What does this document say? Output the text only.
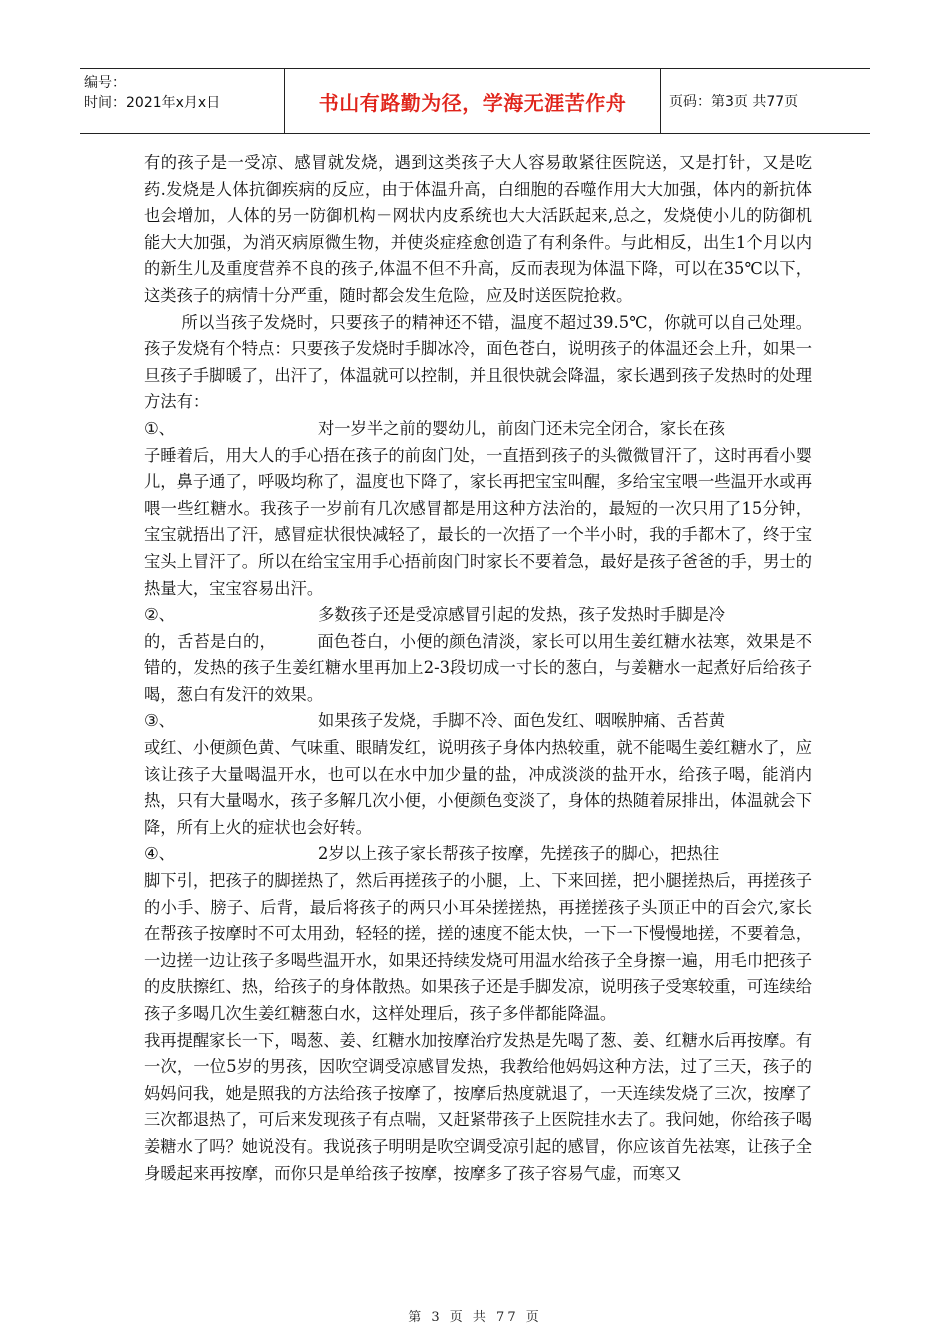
编号：
时间：2021年x月x日	书山有路勤为径，学海无涯苦作舟	页码：第3页 共77页

有的孩子是一受凉、感冒就发烧，遇到这类孩子大人容易敢紧往医院送，又是打针，又是吃药.发烧是人体抗御疾病的反应，由于体温升高，白细胞的吞噬作用大大加强，体内的新抗体也会增加，人体的另一防御机构－网状内皮系统也大大活跃起来,总之，发烧使小儿的防御机能大大加强，为消灭病原微生物，并使炎症痊愈创造了有利条件。与此相反，出生1个月以内的新生儿及重度营养不良的孩子,体温不但不升高，反而表现为体温下降，可以在35℃以下，这类孩子的病情十分严重，随时都会发生危险，应及时送医院抢救。

所以当孩子发烧时，只要孩子的精神还不错，温度不超过39.5℃，你就可以自己处理。孩子发烧有个特点：只要孩子发烧时手脚冰冷，面色苍白，说明孩子的体温还会上升，如果一旦孩子手脚暖了，出汗了，体温就可以控制，并且很快就会降温，家长遇到孩子发热时的处理方法有：

①、	对一岁半之前的婴幼儿，前囱门还未完全闭合，家长在孩

子睡着后，用大人的手心捂在孩子的前囱门处，一直捂到孩子的头微微冒汗了，这时再看小婴儿，鼻子通了，呼吸均称了，温度也下降了，家长再把宝宝叫醒，多给宝宝喂一些温开水或再喂一些红糖水。我孩子一岁前有几次感冒都是用这种方法治的，最短的一次只用了15分钟，宝宝就捂出了汗，感冒症状很快减轻了，最长的一次捂了一个半小时，我的手都木了，终于宝宝头上冒汗了。所以在给宝宝用手心捂前囱门时家长不要着急，最好是孩子爸爸的手，男士的热量大，宝宝容易出汗。

②、	多数孩子还是受凉感冒引起的发热，孩子发热时手脚是冷

的，舌苔是白的，　　　面色苍白，小便的颜色清淡，家长可以用生姜红糖水祛寒，效果是不错的，发热的孩子生姜红糖水里再加上2-3段切成一寸长的葱白，与姜糖水一起煮好后给孩子喝，葱白有发汗的效果。

③、	如果孩子发烧，手脚不冷、面色发红、咽喉肿痛、舌苔黄

或红、小便颜色黄、气味重、眼睛发红，说明孩子身体内热较重，就不能喝生姜红糖水了，应该让孩子大量喝温开水，也可以在水中加少量的盐，冲成淡淡的盐开水，给孩子喝，能消内热，只有大量喝水，孩子多解几次小便，小便颜色变淡了，身体的热随着尿排出，体温就会下降，所有上火的症状也会好转。

④、	2岁以上孩子家长帮孩子按摩，先搓孩子的脚心，把热往

脚下引，把孩子的脚搓热了，然后再搓孩子的小腿，上、下来回搓，把小腿搓热后，再搓孩子的小手、膀子、后背，最后将孩子的两只小耳朵搓搓热，再搓搓孩子头顶正中的百会穴,家长在帮孩子按摩时不可太用劲，轻轻的搓，搓的速度不能太快，一下一下慢慢地搓，不要着急，一边搓一边让孩子多喝些温开水，如果还持续发烧可用温水给孩子全身擦一遍，用毛巾把孩子的皮肤擦红、热，给孩子的身体散热。如果孩子还是手脚发凉，说明孩子受寒较重，可连续给孩子多喝几次生姜红糖葱白水，这样处理后，孩子多伴都能降温。

我再提醒家长一下，喝葱、姜、红糖水加按摩治疗发热是先喝了葱、姜、红糖水后再按摩。有一次，一位5岁的男孩，因吹空调受凉感冒发热，我教给他妈妈这种方法，过了三天，孩子的妈妈问我，她是照我的方法给孩子按摩了，按摩后热度就退了，一天连续发烧了三次，按摩了三次都退热了，可后来发现孩子有点喘，又赶紧带孩子上医院挂水去了。我问她，你给孩子喝姜糖水了吗？她说没有。我说孩子明明是吹空调受凉引起的感冒，你应该首先祛寒，让孩子全身暖起来再按摩，而你只是单给孩子按摩，按摩多了孩子容易气虚，而寒又

第 3 页 共 77 页
